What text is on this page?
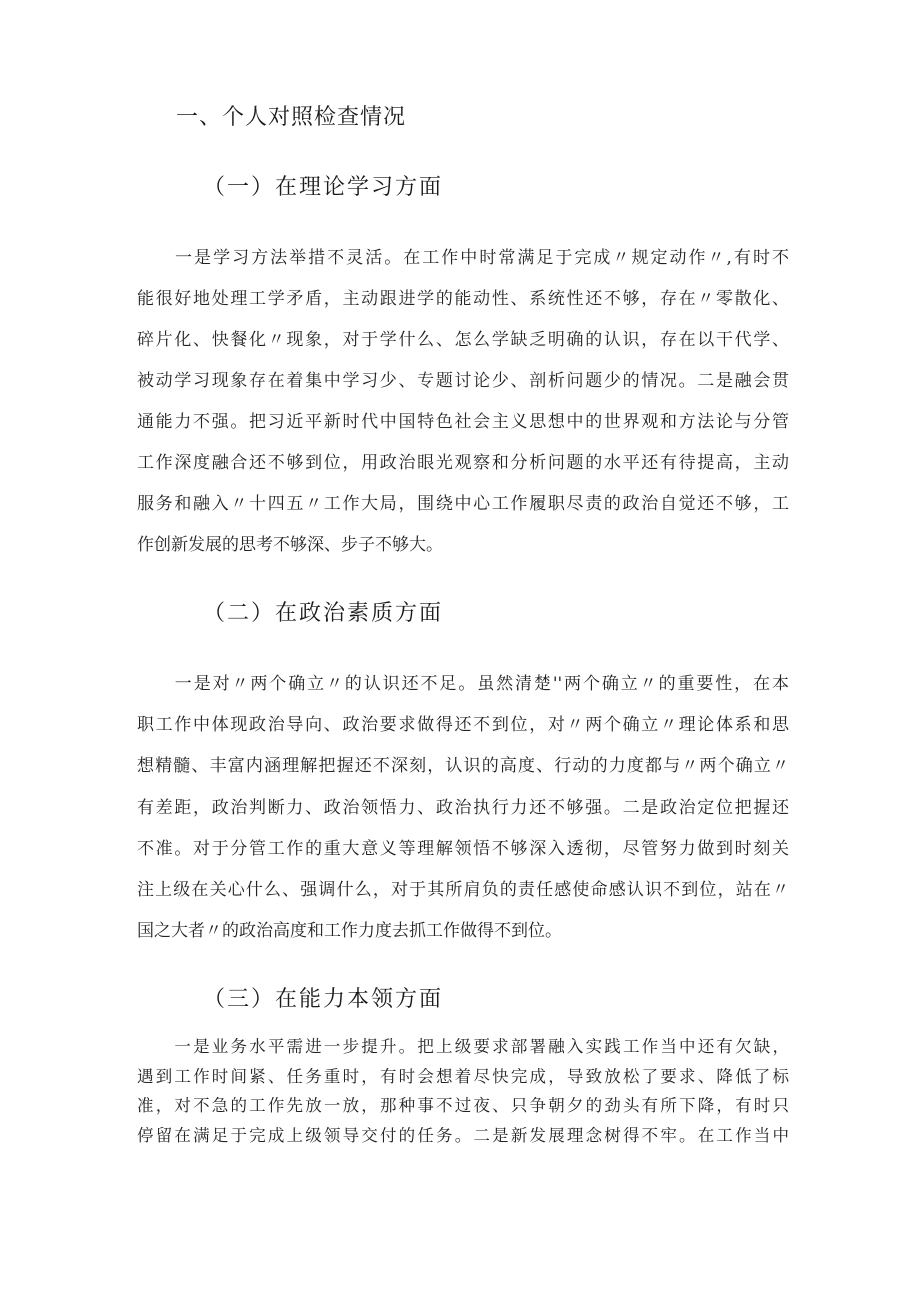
一、个人对照检查情况
（一）在理论学习方面
　　一是学习方法举措不灵活。在工作中时常满足于完成〃规定动作〃,有时不
能很好地处理工学矛盾，主动跟进学的能动性、系统性还不够，存在〃零散化、
碎片化、快餐化〃现象，对于学什么、怎么学缺乏明确的认识，存在以干代学、
被动学习现象存在着集中学习少、专题讨论少、剖析问题少的情况。二是融会贯
通能力不强。把习近平新时代中国特色社会主义思想中的世界观和方法论与分管
工作深度融合还不够到位，用政治眼光观察和分析问题的水平还有待提高，主动
服务和融入〃十四五〃工作大局，围绕中心工作履职尽责的政治自觉还不够，工
作创新发展的思考不够深、步子不够大。
（二）在政治素质方面
　　一是对〃两个确立〃的认识还不足。虽然清楚''两个确立〃的重要性，在本
职工作中体现政治导向、政治要求做得还不到位，对〃两个确立〃理论体系和思
想精髓、丰富内涵理解把握还不深刻，认识的高度、行动的力度都与〃两个确立〃
有差距，政治判断力、政治领悟力、政治执行力还不够强。二是政治定位把握还
不准。对于分管工作的重大意义等理解领悟不够深入透彻，尽管努力做到时刻关
注上级在关心什么、强调什么，对于其所肩负的责任感使命感认识不到位，站在〃
国之大者〃的政治高度和工作力度去抓工作做得不到位。
（三）在能力本领方面
　　一是业务水平需进一步提升。把上级要求部署融入实践工作当中还有欠缺，
遇到工作时间紧、任务重时，有时会想着尽快完成，导致放松了要求、降低了标
准，对不急的工作先放一放，那种事不过夜、只争朝夕的劲头有所下降，有时只
停留在满足于完成上级领导交付的任务。二是新发展理念树得不牢。在工作当中
